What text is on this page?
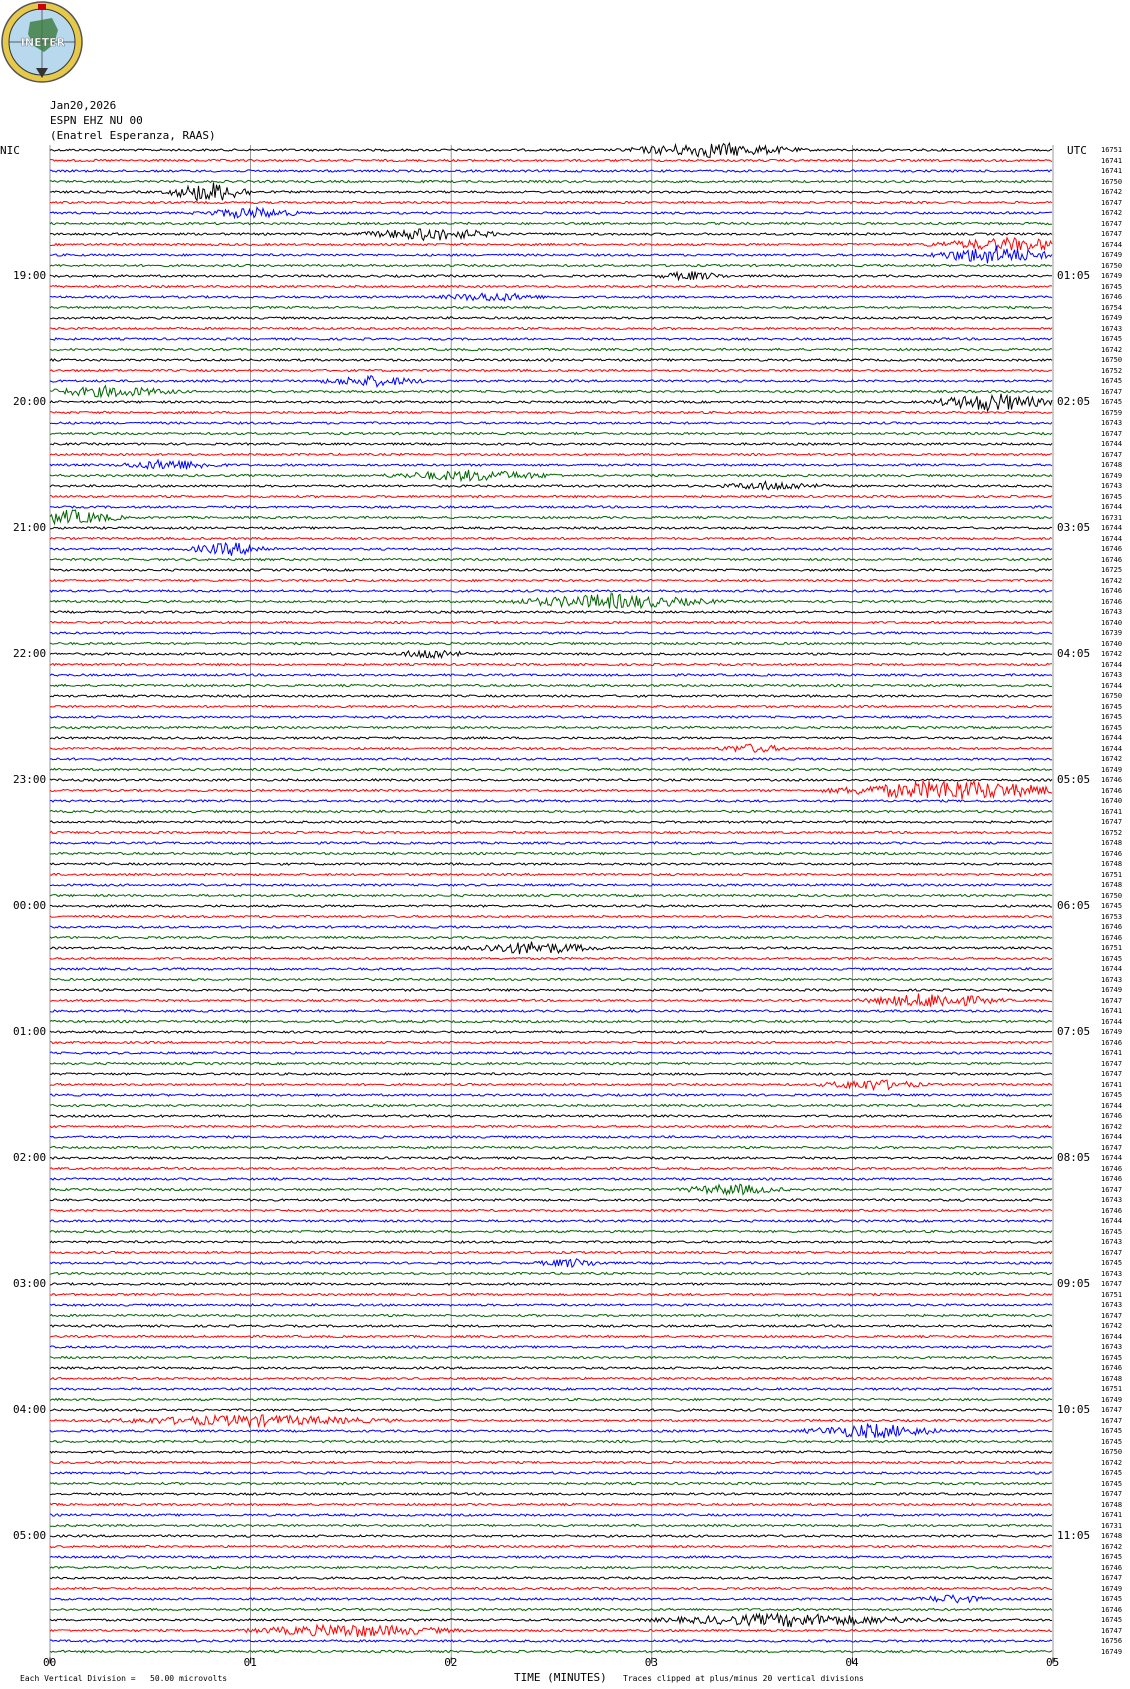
INETER
Jan20,2026
ESPN EHZ NU 00
(Enatrel Esperanza, RAAS)
NIC	UTC
00	01	02	03	04	05
16751
16741
16741
16750
16742
16747
16742
16747
16747
16744
16749
16750
16749
16745
16746
16754
16749
16743
16745
16742
16750
16752
16745
16747
16745
16759
16743
16747
16744
16747
16748
16749
16743
16745
16744
16731
16744
16744
16746
16746
16725
16742
16746
16746
16743
16740
16739
16740
16742
16744
16743
16744
16750
16745
16745
16745
16744
16744
16742
16749
16746
16746
16740
16741
16747
16752
16748
16746
16748
16751
16748
16750
16745
16753
16746
16746
16751
16745
16744
16743
16749
16747
16741
16744
16749
16746
16741
16747
16747
16741
16745
16744
16746
16742
16744
16747
16744
16746
16746
16747
16743
16746
16744
16745
16743
16747
16745
16743
16747
16751
16743
16747
16742
16744
16743
16745
16746
16748
16751
16749
16747
16747
16745
16745
16750
16742
16745
16745
16747
16748
16741
16731
16748
16742
16745
16746
16747
16749
16745
16746
16745
16747
16756
16749
19:00
20:00
21:00
22:00
23:00
00:00
01:00
02:00
03:00
04:00
05:00
01:05
02:05
03:05
04:05
05:05
06:05
07:05
08:05
09:05
10:05
11:05
TIME (MINUTES)
Each Vertical Division =   50.00 microvolts	Traces clipped at plus/minus 20 vertical divisions
